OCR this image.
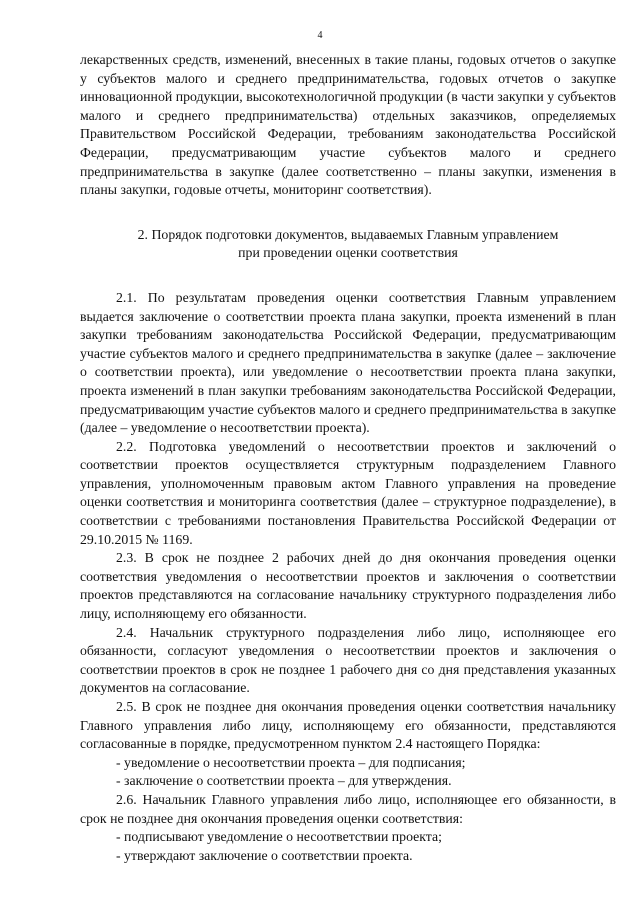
4

лекарственных средств, изменений, внесенных в такие планы, годовых отчетов о закупке у субъектов малого и среднего предпринимательства, годовых отчетов о закупке инновационной продукции, высокотехнологичной продукции (в части закупки у субъектов малого и среднего предпринимательства) отдельных заказчиков, определяемых Правительством Российской Федерации, требованиям законодательства Российской Федерации, предусматривающим участие субъектов малого и среднего предпринимательства в закупке (далее соответственно – планы закупки, изменения в планы закупки, годовые отчеты, мониторинг соответствия).

2. Порядок подготовки документов, выдаваемых Главным управлением
при проведении оценки соответствия

2.1. По результатам проведения оценки соответствия Главным управлением выдается заключение о соответствии проекта плана закупки, проекта изменений в план закупки требованиям законодательства Российской Федерации, предусматривающим участие субъектов малого и среднего предпринимательства в закупке (далее – заключение о соответствии проекта), или уведомление о несоответствии проекта плана закупки, проекта изменений в план закупки требованиям законодательства Российской Федерации, предусматривающим участие субъектов малого и среднего предпринимательства в закупке (далее – уведомление о несоответствии проекта).

2.2. Подготовка уведомлений о несоответствии проектов и заключений о соответствии проектов осуществляется структурным подразделением Главного управления, уполномоченным правовым актом Главного управления на проведение оценки соответствия и мониторинга соответствия (далее – структурное подразделение), в соответствии с требованиями постановления Правительства Российской Федерации от 29.10.2015 № 1169.

2.3. В срок не позднее 2 рабочих дней до дня окончания проведения оценки соответствия уведомления о несоответствии проектов и заключения о соответствии проектов представляются на согласование начальнику структурного подразделения либо лицу, исполняющему его обязанности.

2.4. Начальник структурного подразделения либо лицо, исполняющее его обязанности, согласуют уведомления о несоответствии проектов и заключения о соответствии проектов в срок не позднее 1 рабочего дня со дня представления указанных документов на согласование.

2.5. В срок не позднее дня окончания проведения оценки соответствия начальнику Главного управления либо лицу, исполняющему его обязанности, представляются согласованные в порядке, предусмотренном пунктом 2.4 настоящего Порядка:

- уведомление о несоответствии проекта – для подписания;

- заключение о соответствии проекта – для утверждения.

2.6. Начальник Главного управления либо лицо, исполняющее его обязанности, в срок не позднее дня окончания проведения оценки соответствия:

- подписывают уведомление о несоответствии проекта;

- утверждают заключение о соответствии проекта.
